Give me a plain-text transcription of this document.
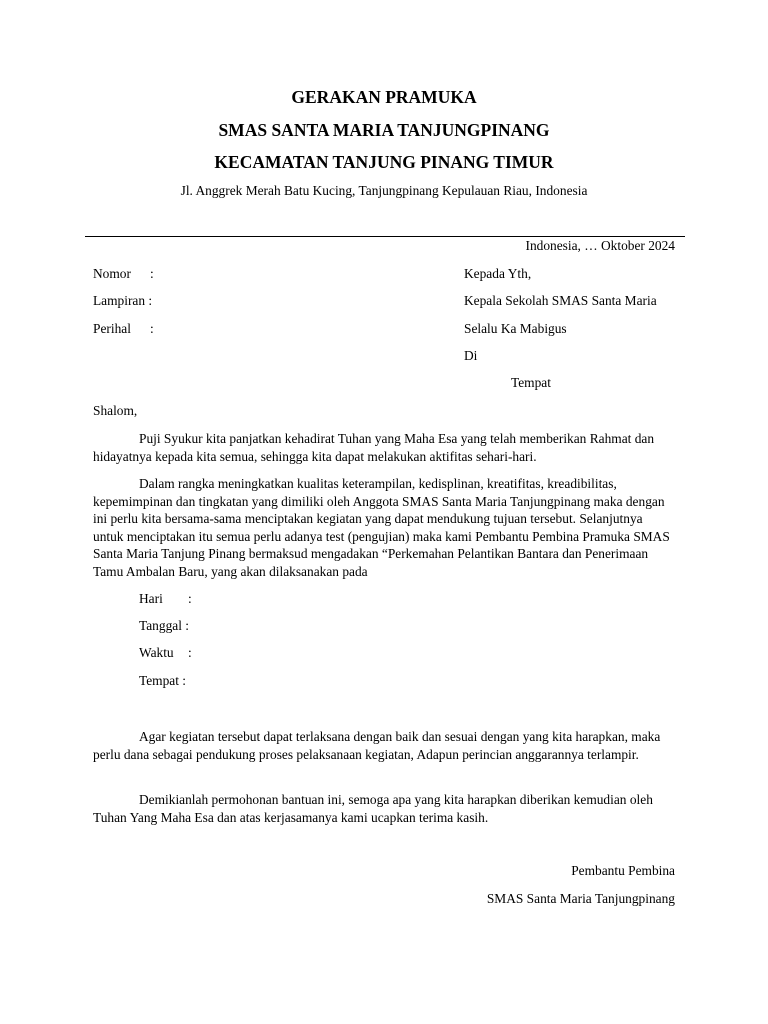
GERAKAN PRAMUKA
SMAS SANTA MARIA TANJUNGPINANG
KECAMATAN TANJUNG PINANG TIMUR
Jl. Anggrek Merah Batu Kucing, Tanjungpinang Kepulauan Riau, Indonesia
Indonesia, … Oktober 2024
Nomor :
Lampiran :
Perihal :
Kepada Yth,
Kepala Sekolah SMAS Santa Maria
Selalu Ka Mabigus
Di
Tempat
Shalom,
Puji Syukur kita panjatkan kehadirat Tuhan yang Maha Esa yang telah memberikan Rahmat dan hidayatnya kepada kita semua, sehingga kita dapat melakukan aktifitas sehari-hari.
Dalam rangka meningkatkan kualitas keterampilan, kedisplinan, kreatifitas, kreadibilitas, kepemimpinan dan tingkatan yang dimiliki oleh Anggota SMAS Santa Maria Tanjungpinang maka dengan ini perlu kita bersama-sama menciptakan kegiatan yang dapat mendukung tujuan tersebut. Selanjutnya untuk menciptakan itu semua perlu adanya test (pengujian) maka kami Pembantu Pembina Pramuka SMAS Santa Maria Tanjung Pinang bermaksud mengadakan “Perkemahan Pelantikan Bantara dan Penerimaan Tamu Ambalan Baru, yang akan dilaksanakan pada
Hari :
Tanggal :
Waktu :
Tempat :
Agar kegiatan tersebut dapat terlaksana dengan baik dan sesuai dengan yang kita harapkan, maka perlu dana sebagai pendukung proses pelaksanaan kegiatan, Adapun perincian anggarannya terlampir.
Demikianlah permohonan bantuan ini, semoga apa yang kita harapkan diberikan kemudian oleh Tuhan Yang Maha Esa dan atas kerjasamanya kami ucapkan terima kasih.
Pembantu Pembina
SMAS Santa Maria Tanjungpinang
